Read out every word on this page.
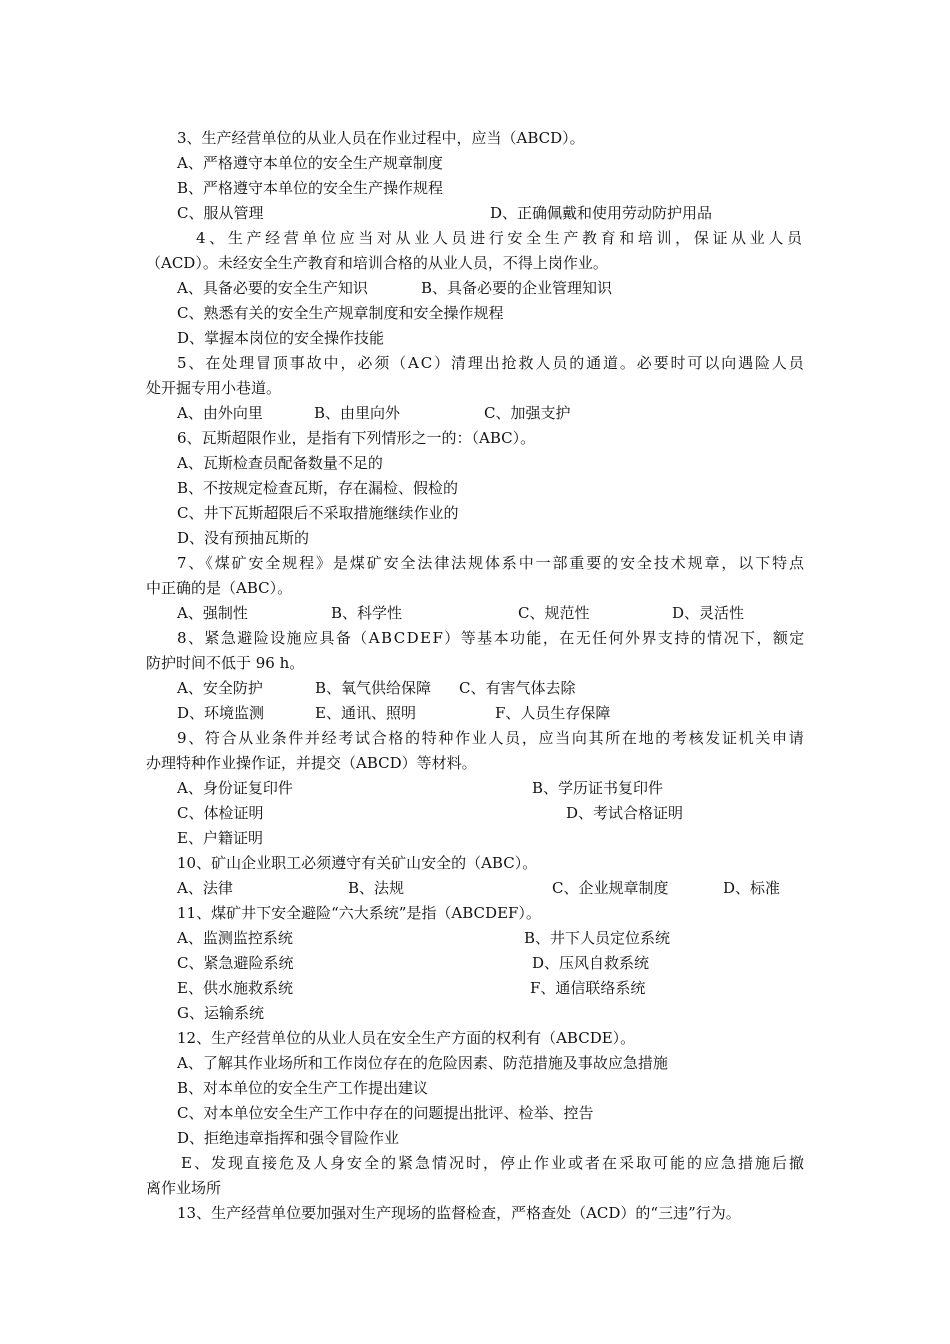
3、生产经营单位的从业人员在作业过程中，应当（ABCD）。
A、严格遵守本单位的安全生产规章制度
B、严格遵守本单位的安全生产操作规程
C、服从管理	D、正确佩戴和使用劳动防护用品
4、生产经营单位应当对从业人员进行安全生产教育和培训，保证从业人员
（ACD）。未经安全生产教育和培训合格的从业人员，不得上岗作业。
A、具备必要的安全生产知识	B、具备必要的企业管理知识
C、熟悉有关的安全生产规章制度和安全操作规程
D、掌握本岗位的安全操作技能
5、在处理冒顶事故中，必须（AC）清理出抢救人员的通道。必要时可以向遇险人员
处开掘专用小巷道。
A、由外向里	B、由里向外	C、加强支护
6、瓦斯超限作业，是指有下列情形之一的：（ABC）。
A、瓦斯检查员配备数量不足的
B、不按规定检查瓦斯，存在漏检、假检的
C、井下瓦斯超限后不采取措施继续作业的
D、没有预抽瓦斯的
7、《煤矿安全规程》是煤矿安全法律法规体系中一部重要的安全技术规章，以下特点
中正确的是（ABC）。
A、强制性	B、科学性	C、规范性	D、灵活性
8、紧急避险设施应具备（ABCDEF）等基本功能，在无任何外界支持的情况下，额定
防护时间不低于 96 h。
A、安全防护	B、氧气供给保障 C、有害气体去除
D、环境监测	E、通讯、照明	F、人员生存保障
9、符合从业条件并经考试合格的特种作业人员，应当向其所在地的考核发证机关申请
办理特种作业操作证，并提交（ABCD）等材料。
A、身份证复印件	B、学历证书复印件
C、体检证明	D、考试合格证明
E、户籍证明
10、矿山企业职工必须遵守有关矿山安全的（ABC）。
A、法律	B、法规	C、企业规章制度	D、标准
11、煤矿井下安全避险“六大系统”是指（ABCDEF）。
A、监测监控系统	B、井下人员定位系统
C、紧急避险系统	D、压风自救系统
E、供水施救系统	F、通信联络系统
G、运输系统
12、生产经营单位的从业人员在安全生产方面的权利有（ABCDE）。
A、了解其作业场所和工作岗位存在的危险因素、防范措施及事故应急措施
B、对本单位的安全生产工作提出建议
C、对本单位安全生产工作中存在的问题提出批评、检举、控告
D、拒绝违章指挥和强令冒险作业
E、发现直接危及人身安全的紧急情况时，停止作业或者在采取可能的应急措施后撤
离作业场所
13、生产经营单位要加强对生产现场的监督检查，严格查处（ACD）的“三违”行为。
